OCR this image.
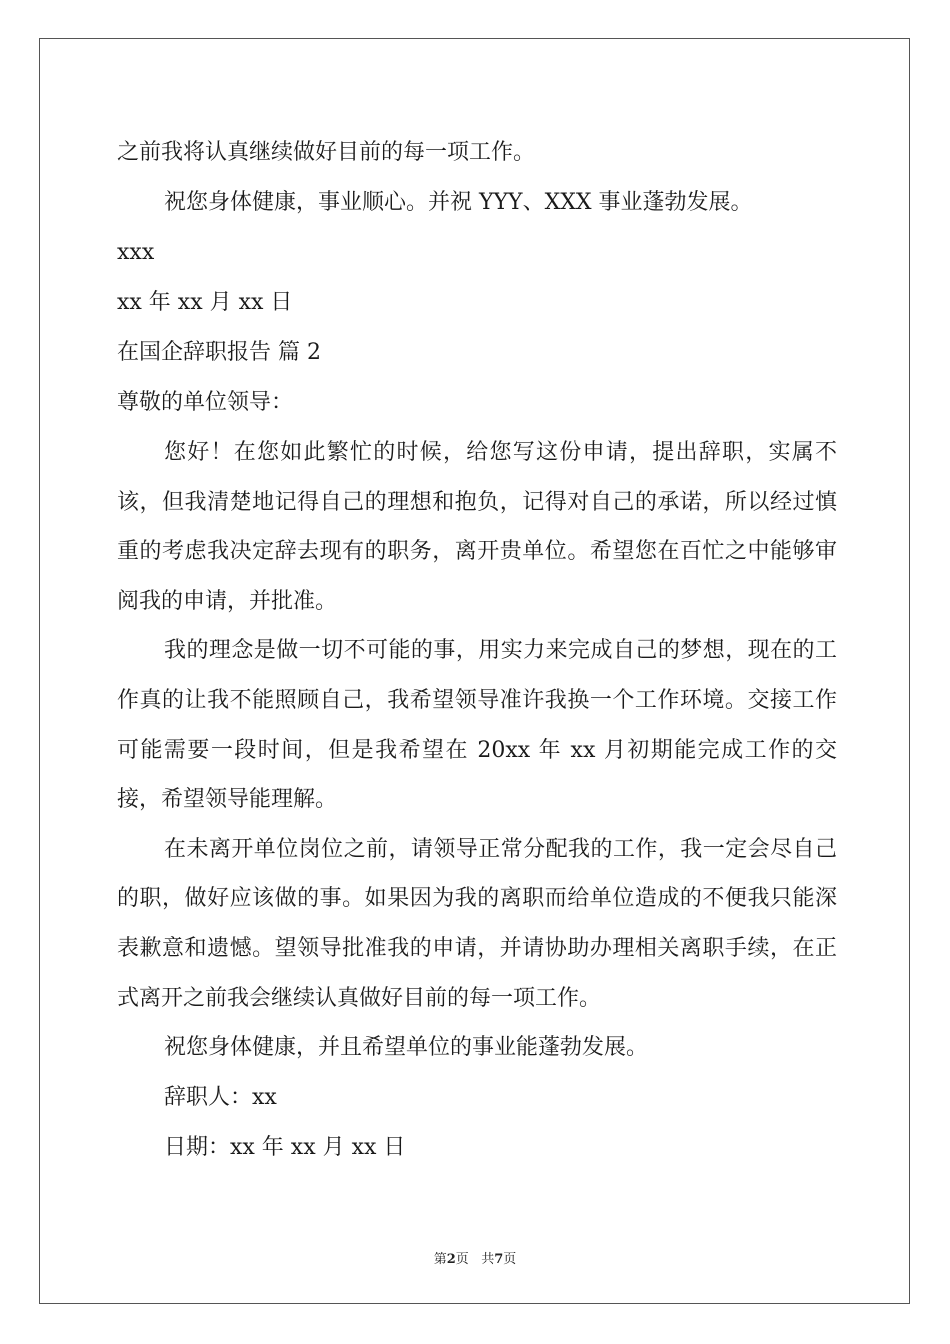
之前我将认真继续做好目前的每一项工作。
祝您身体健康，事业顺心。并祝 YYY、XXX 事业蓬勃发展。
xxx
xx 年 xx 月 xx 日
在国企辞职报告 篇 2
尊敬的单位领导：
您好！在您如此繁忙的时候，给您写这份申请，提出辞职，实属不该，但我清楚地记得自己的理想和抱负，记得对自己的承诺，所以经过慎重的考虑我决定辞去现有的职务，离开贵单位。希望您在百忙之中能够审阅我的申请，并批准。
我的理念是做一切不可能的事，用实力来完成自己的梦想，现在的工作真的让我不能照顾自己，我希望领导准许我换一个工作环境。交接工作可能需要一段时间，但是我希望在 20xx 年 xx 月初期能完成工作的交接，希望领导能理解。
在未离开单位岗位之前，请领导正常分配我的工作，我一定会尽自己的职，做好应该做的事。如果因为我的离职而给单位造成的不便我只能深表歉意和遗憾。望领导批准我的申请，并请协助办理相关离职手续，在正式离开之前我会继续认真做好目前的每一项工作。
祝您身体健康，并且希望单位的事业能蓬勃发展。
辞职人：xx
日期：xx 年 xx 月 xx 日
第2页 共7页
